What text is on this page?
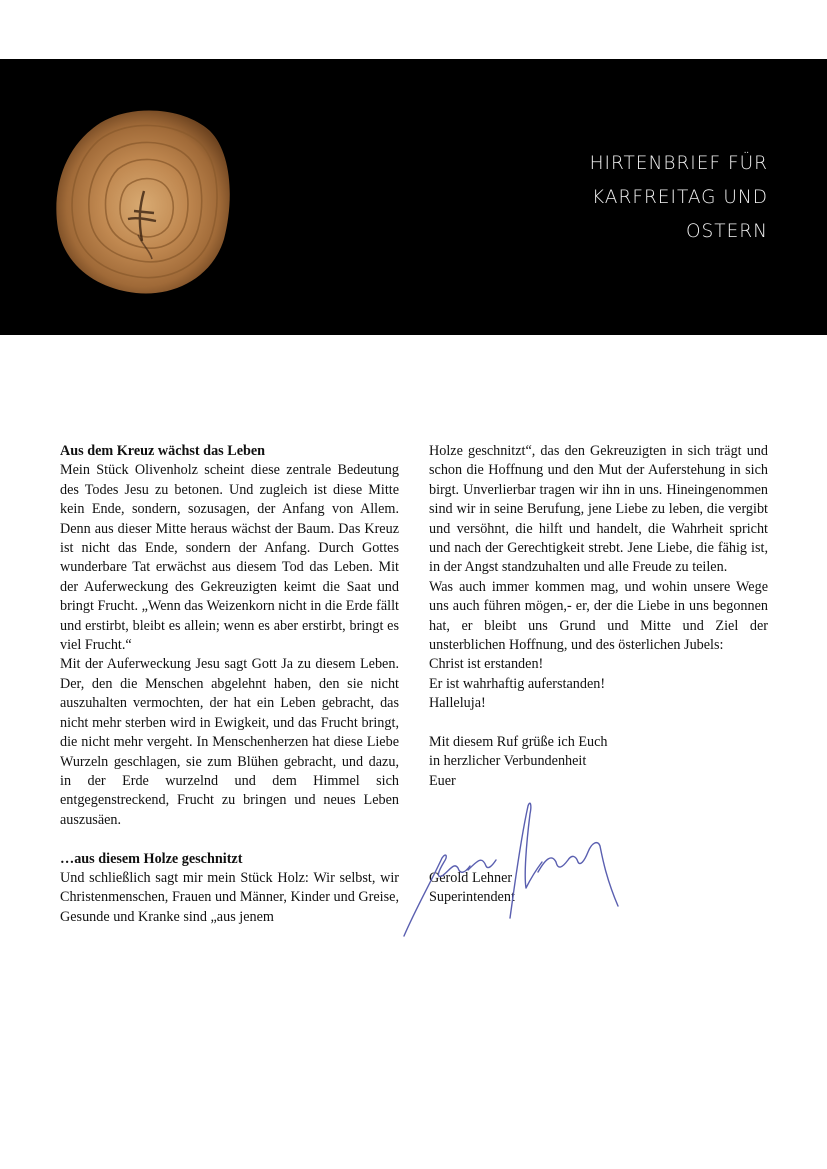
HIRTENBRIEF FÜR
KARFREITAG UND
OSTERN

Aus dem Kreuz wächst das Leben

Mein Stück Olivenholz scheint diese zentrale Bedeutung des Todes Jesu zu betonen. Und zugleich ist diese Mitte kein Ende, sondern, sozusagen, der Anfang von Allem. Denn aus dieser Mitte heraus wächst der Baum. Das Kreuz ist nicht das Ende, sondern der Anfang. Durch Gottes wunderbare Tat erwächst aus diesem Tod das Leben. Mit der Auferweckung des Gekreuzigten keimt die Saat und bringt Frucht. „Wenn das Weizenkorn nicht in die Erde fällt und erstirbt, bleibt es allein; wenn es aber erstirbt, bringt es viel Frucht.“

Mit der Auferweckung Jesu sagt Gott Ja zu diesem Leben. Der, den die Menschen abgelehnt haben, den sie nicht auszuhalten vermochten, der hat ein Leben gebracht, das nicht mehr sterben wird in Ewigkeit, und das Frucht bringt, die nicht mehr vergeht. In Menschenherzen hat diese Liebe Wurzeln geschlagen, sie zum Blühen gebracht, und dazu, in der Erde wurzelnd und dem Himmel sich entgegenstreckend, Frucht zu bringen und neues Leben auszusäen.

…aus diesem Holze geschnitzt

Und schließlich sagt mir mein Stück Holz: Wir selbst, wir Christenmenschen, Frauen und Männer, Kinder und Greise, Gesunde und Kranke sind „aus jenem

Holze geschnitzt“, das den Gekreuzigten in sich trägt und schon die Hoffnung und den Mut der Auferstehung in sich birgt. Unverlierbar tragen wir ihn in uns. Hineingenommen sind wir in seine Berufung, jene Liebe zu leben, die vergibt und versöhnt, die hilft und handelt, die Wahrheit spricht und nach der Gerechtigkeit strebt. Jene Liebe, die fähig ist, in der Angst standzuhalten und alle Freude zu teilen.

Was auch immer kommen mag, und wohin unsere Wege uns auch führen mögen,- er, der die Liebe in uns begonnen hat, er bleibt uns Grund und Mitte und Ziel der unsterblichen Hoffnung, und des österlichen Jubels:

Christ ist erstanden!

Er ist wahrhaftig auferstanden!

Halleluja!

Mit diesem Ruf grüße ich Euch

in herzlicher Verbundenheit

Euer

Gerold Lehner

Superintendent
